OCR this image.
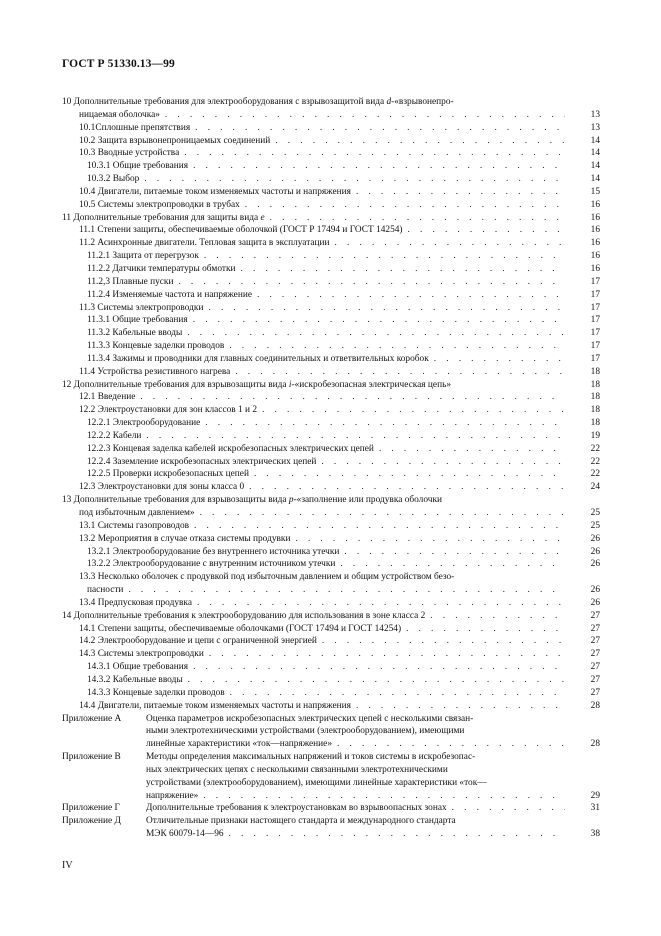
ГОСТ Р 51330.13—99
10 Дополнительные требования для электрооборудования с взрывозащитой вида d-«взрывонепро-
ницаемая оболочка» . . .	13
10.1Сплошные препятствия . . .	13
10.2 Защита взрывонепроницаемых соединений . . .	14
10.3 Вводные устройства . . .	14
10.3.1 Общие требования . . .	14
10.3.2 Выбор . . .	14
10.4 Двигатели, питаемые током изменяемых частоты и напряжения . . .	15
10.5 Системы электропроводки в трубах . . .	16
11 Дополнительные требования для защиты вида e . . .	16
11.1 Степени защиты, обеспечиваемые оболочкой (ГОСТ Р 17494 и ГОСТ 14254) . . .	16
11.2 Асинхронные двигатели. Тепловая защита в эксплуатации . . .	16
11.2.1 Защита от перегрузок . . .	16
11.2.2 Датчики температуры обмотки . . .	16
11.2,3 Плавные пуски . . .	17
11.2.4 Изменяемые частота и напряжение . . .	17
11.3 Системы электропроводки . . .	17
11.3.1 Общие требования . . .	17
11.3.2 Кабельные вводы . . .	17
11.3.3 Концевые заделки проводов . . .	17
11.3.4 Зажимы и проводники для главных соединительных и ответвительных коробок . . .	17
11.4 Устройства резистивного нагрева . . .	18
12 Дополнительные требования для взрывозащиты вида i-«искробезопасная электрическая цепь»	18
12.1 Введение . . .	18
12.2 Электроустановки для зон классов 1 и 2 . . .	18
12.2.1 Электрооборудование . . .	18
12.2.2 Кабели . . .	19
12.2.3 Концевая заделка кабелей искробезопасных электрических цепей . . .	22
12.2.4 Заземление искробезопасных электрических цепей . . .	22
12.2.5 Проверки искробезопасных цепей . . .	22
12.3 Электроустановки для зоны класса 0 . . .	24
13 Дополнительные требования для взрывозащиты вида р-«заполнение или продувка оболочки
под избыточным давлением» . . .	25
13.1 Системы газопроводов . . .	25
13.2 Мероприятия в случае отказа системы продувки . . .	26
13.2.1 Электрооборудование без внутреннего источника утечки . . .	26
13.2.2 Электрооборудование с внутренним источником утечки . . .	26
13.3 Несколько оболочек с продувкой под избыточным давлением и общим устройством безо-
пасности . . .	26
13.4 Предпусковая продувка . . .	26
14 Дополнительные требования к электрооборудованию для использования в зоне класса 2 . . .	27
14.1 Степени защиты, обеспечиваемые оболочками (ГОСТ 17494 и ГОСТ 14254) . . .	27
14.2 Электрооборудование и цепи с ограниченной энергией . . .	27
14.3 Системы электропроводки . . .	27
14.3.1 Общие требования . . .	27
14.3.2 Кабельные вводы . . .	27
14.3.3 Концевые заделки проводов . . .	27
14.4 Двигатели, питаемые током изменяемых частоты и напряжения . . .	28
Приложение А	Оценка параметров искробезопасных электрических цепей с несколькими связан-
ными электротехническими устройствами (электрооборудованием), имеющими
линейные характеристики «ток—напряжение» . . .	28
Приложение В	Методы определения максимальных напряжений и токов системы в искробезопас-
ных электрических цепях с несколькими связанными электротехническими
устройствами (электрооборудованием), имеющими линейные характеристики «ток—
напряжение» . . .	29
Приложение Г	Дополнительные требования к электроустановкам во взрывоопасных зонах . . .	31
Приложение Д	Отличительные признаки настоящего стандарта и международного стандарта
МЭК 60079-14—96 . . .	38
IV
